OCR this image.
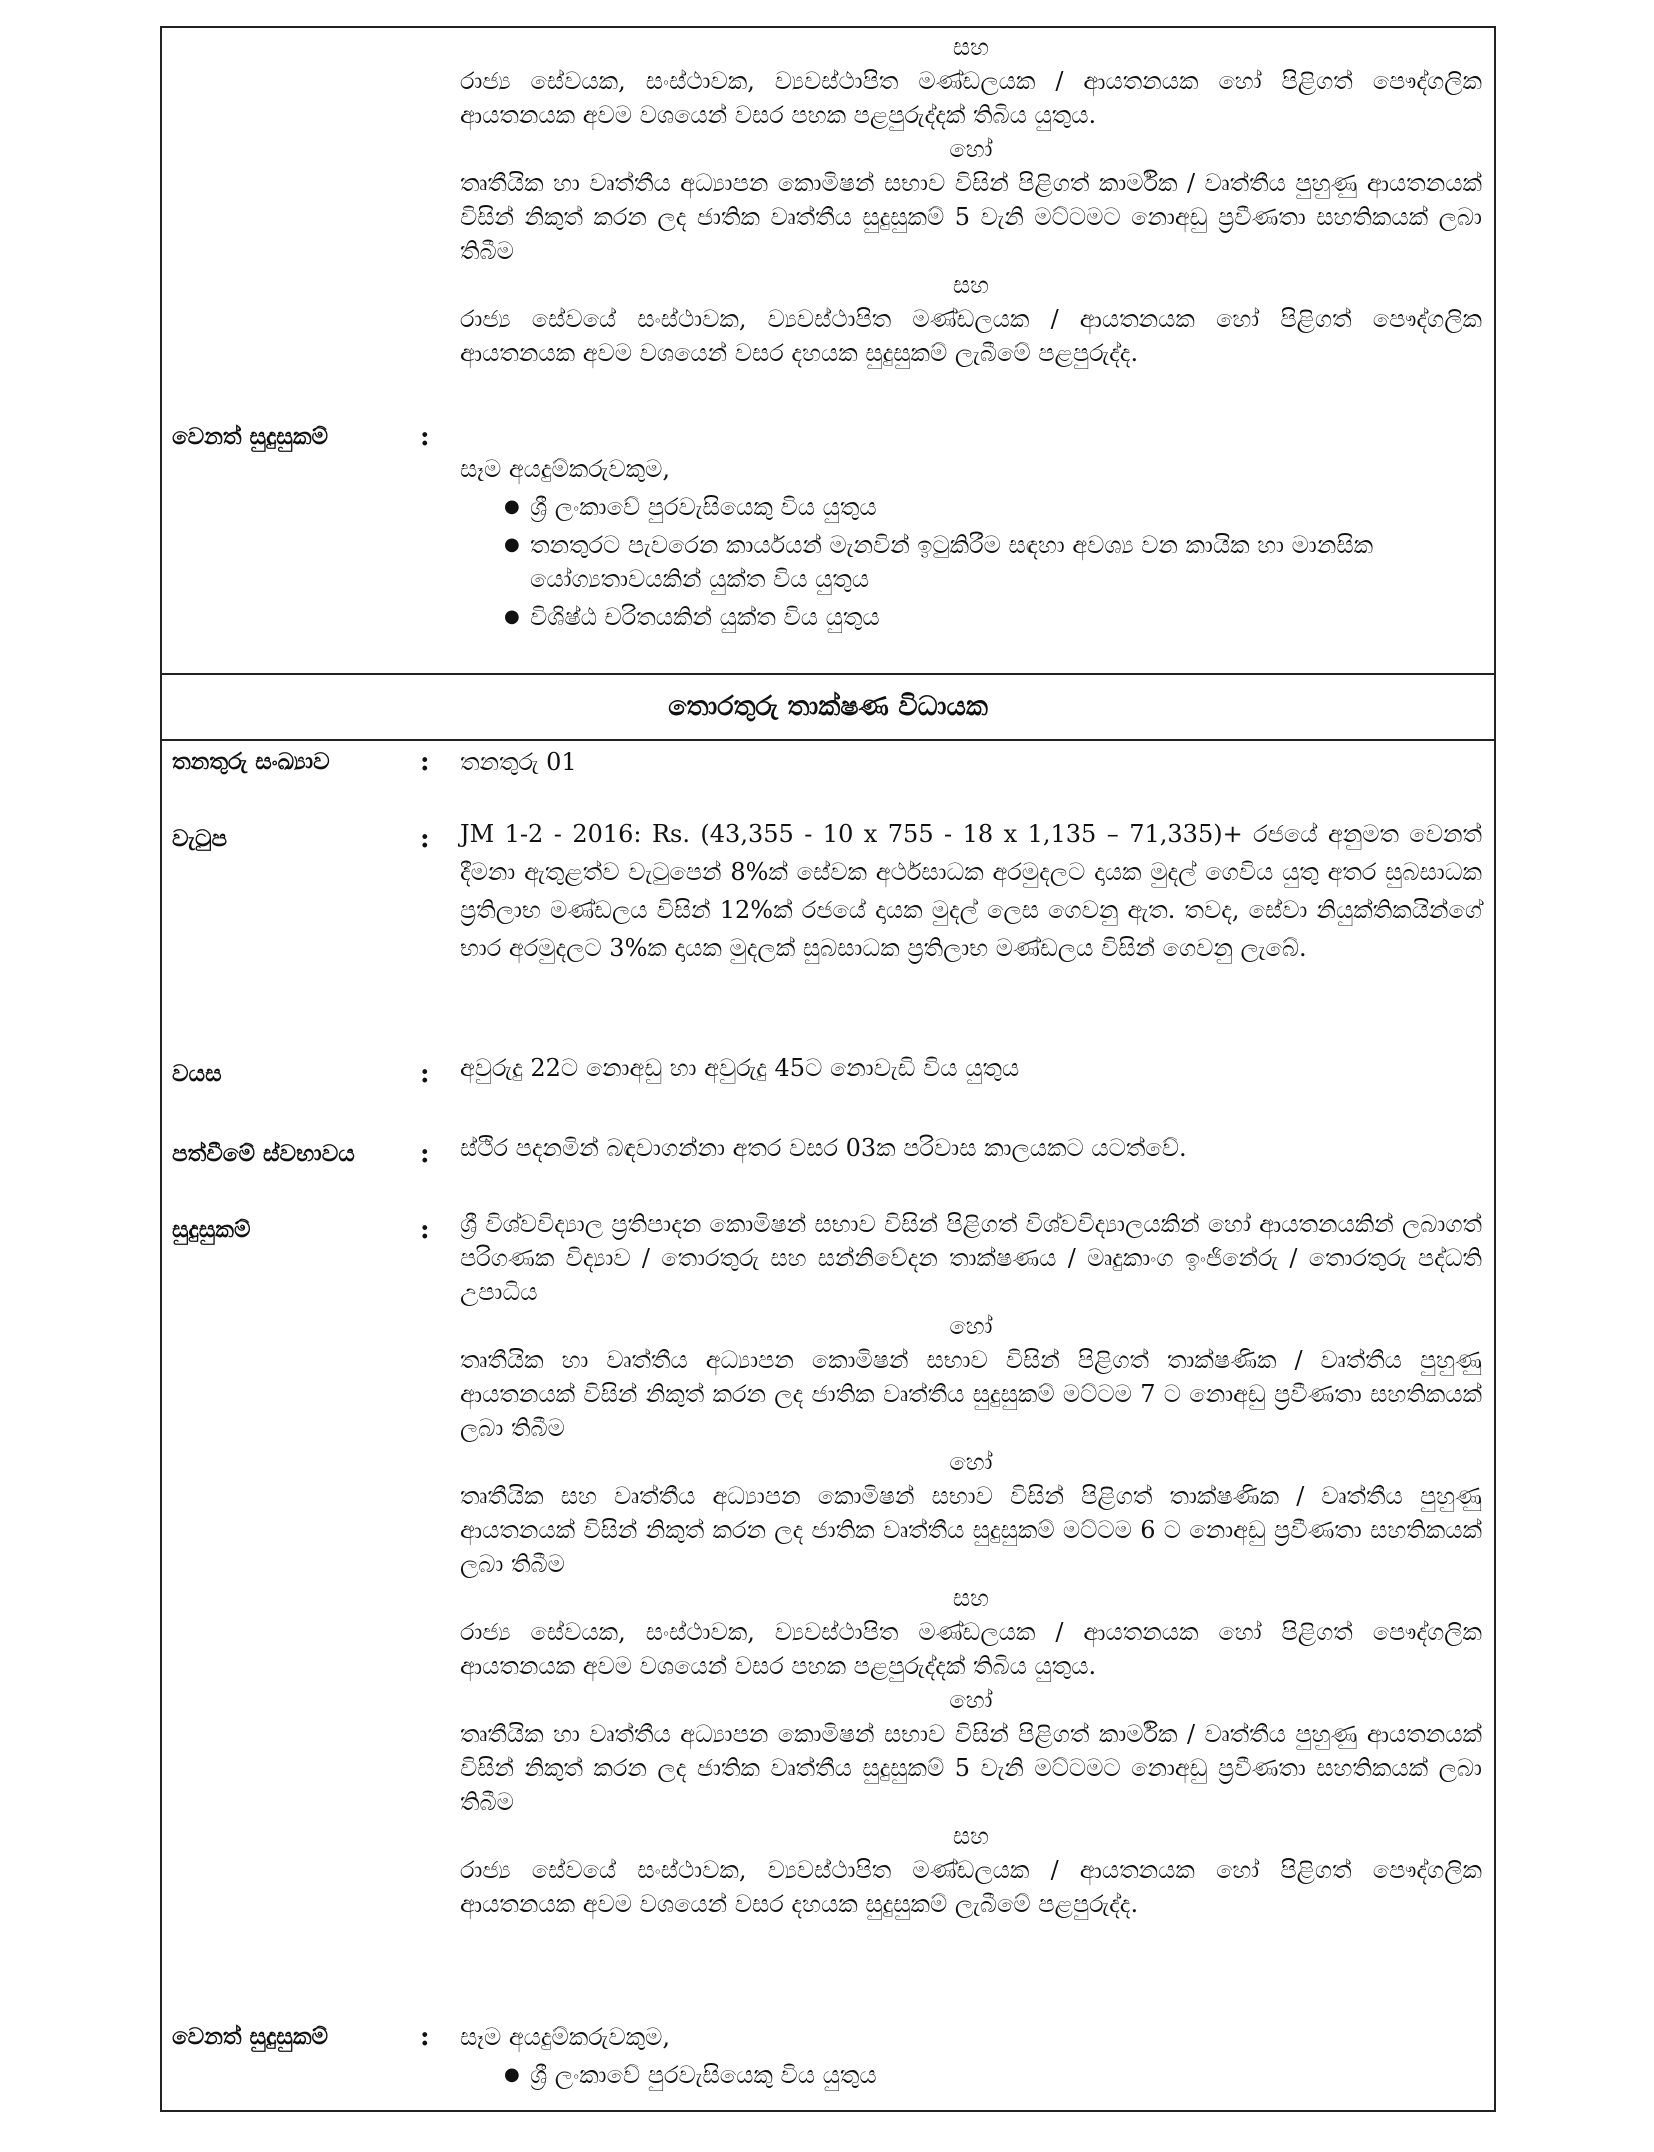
සහ
රාජ්‍ය සේවයක, සංස්ථාවක, ව්‍යවස්ථාපිත මණ්ඩලයක / ආයතනයක හෝ පිළිගත් පෞද්ගලික ආයතනයක අවම වශයෙන් වසර පහක පළපුරුද්දක් තිබිය යුතුය.
හෝ
තෘතීයික හා වෘත්තීය අධ්‍යාපන කොමිෂන් සභාව විසින් පිළිගත් කාර්මික / වෘත්තීය පුහුණු ආයතනයක් විසින් නිකුත් කරන ලද ජාතික වෘත්තීය සුදුසුකම් 5 වැනි මට්ටමට නොඅඩු ප්‍රවීණතා සහතිකයක් ලබා තිබීම
සහ
රාජ්‍ය සේවයේ සංස්ථාවක, ව්‍යවස්ථාපිත මණ්ඩලයක / ආයතනයක හෝ පිළිගත් පෞද්ගලික ආයතනයක අවම වශයෙන් වසර දහයක සුදුසුකම් ලැබීමේ පළපුරුද්ද.
වෙනත් සුදුසුකම්	:
සෑම අයදුම්කරුවකුම,
● ශ්‍රී ලංකාවේ පුරවැසියෙකු විය යුතුය
● තනතුරට පැවරෙන කාර්යයන් මැනවින් ඉටුකිරීම සඳහා අවශ්‍ය වන කායික හා මානසික යෝග්‍යතාවයකින් යුක්ත විය යුතුය
● විශිෂ්ඨ චරිතයකින් යුක්ත විය යුතුය
තොරතුරු තාක්ෂණ විධායක
තනතුරු සංඛ්‍යාව	: තනතුරු 01
වැටුප	: JM 1-2 - 2016: Rs. (43,355 - 10 x 755 - 18 x 1,135 – 71,335)+ රජයේ අනුමත වෙනත් දීමනා ඇතුළත්ව වැටුපෙන් 8%ක් සේවක අර්ථසාධක අරමුදලට දායක මුදල් ගෙවිය යුතු අතර සුබසාධක ප්‍රතිලාභ මණ්ඩලය විසින් 12%ක් රජයේ දායක මුදල් ලෙස ගෙවනු ඇත. තවද, සේවා නියුක්තිකයින්ගේ භාර අරමුදලට 3%ක දායක මුදලක් සුබසාධක ප්‍රතිලාභ මණ්ඩලය විසින් ගෙවනු ලැබේ.
වයස	: අවුරුදු 22ට නොඅඩු හා අවුරුදු 45ට නොවැඩි විය යුතුය
පත්වීමේ ස්වභාවය	: ස්ථිර පදනමින් බඳවාගන්නා අතර වසර 03ක පරිවාස කාලයකට යටත්වේ.
සුදුසුකම්	: ශ්‍රී විශ්වවිද්‍යාල ප්‍රතිපාදන කොමිෂන් සභාව විසින් පිළිගත් විශ්වවිද්‍යාලයකින් හෝ ආයතනයකින් ලබාගත් පරිගණක විද්‍යාව / තොරතුරු සහ සන්නිවේදන තාක්ෂණය / මෘදුකාංග ඉංජිනේරු / තොරතුරු පද්ධති උපාධිය
හෝ
තෘතීයික හා වෘත්තීය අධ්‍යාපන කොමිෂන් සභාව විසින් පිළිගත් තාක්ෂණික / වෘත්තීය පුහුණු ආයතනයක් විසින් නිකුත් කරන ලද ජාතික වෘත්තීය සුදුසුකම් මට්ටම 7 ට නොඅඩු ප්‍රවීණතා සහතිකයක් ලබා තිබීම
හෝ
තෘතීයික සහ වෘත්තීය අධ්‍යාපන කොමිෂන් සභාව විසින් පිළිගත් තාක්ෂණික / වෘත්තීය පුහුණු ආයතනයක් විසින් නිකුත් කරන ලද ජාතික වෘත්තීය සුදුසුකම් මට්ටම 6 ට නොඅඩු ප්‍රවීණතා සහතිකයක් ලබා තිබීම
සහ
රාජ්‍ය සේවයක, සංස්ථාවක, ව්‍යවස්ථාපිත මණ්ඩලයක / ආයතනයක හෝ පිළිගත් පෞද්ගලික ආයතනයක අවම වශයෙන් වසර පහක පළපුරුද්දක් තිබිය යුතුය.
හෝ
තෘතීයික හා වෘත්තීය අධ්‍යාපන කොමිෂන් සභාව විසින් පිළිගත් කාර්මික / වෘත්තීය පුහුණු ආයතනයක් විසින් නිකුත් කරන ලද ජාතික වෘත්තීය සුදුසුකම් 5 වැනි මට්ටමට නොඅඩු ප්‍රවීණතා සහතිකයක් ලබා තිබීම
සහ
රාජ්‍ය සේවයේ සංස්ථාවක, ව්‍යවස්ථාපිත මණ්ඩලයක / ආයතනයක හෝ පිළිගත් පෞද්ගලික ආයතනයක අවම වශයෙන් වසර දහයක සුදුසුකම් ලැබීමේ පළපුරුද්ද.
වෙනත් සුදුසුකම්	: සෑම අයදුම්කරුවකුම,
● ශ්‍රී ලංකාවේ පුරවැසියෙකු විය යුතුය
